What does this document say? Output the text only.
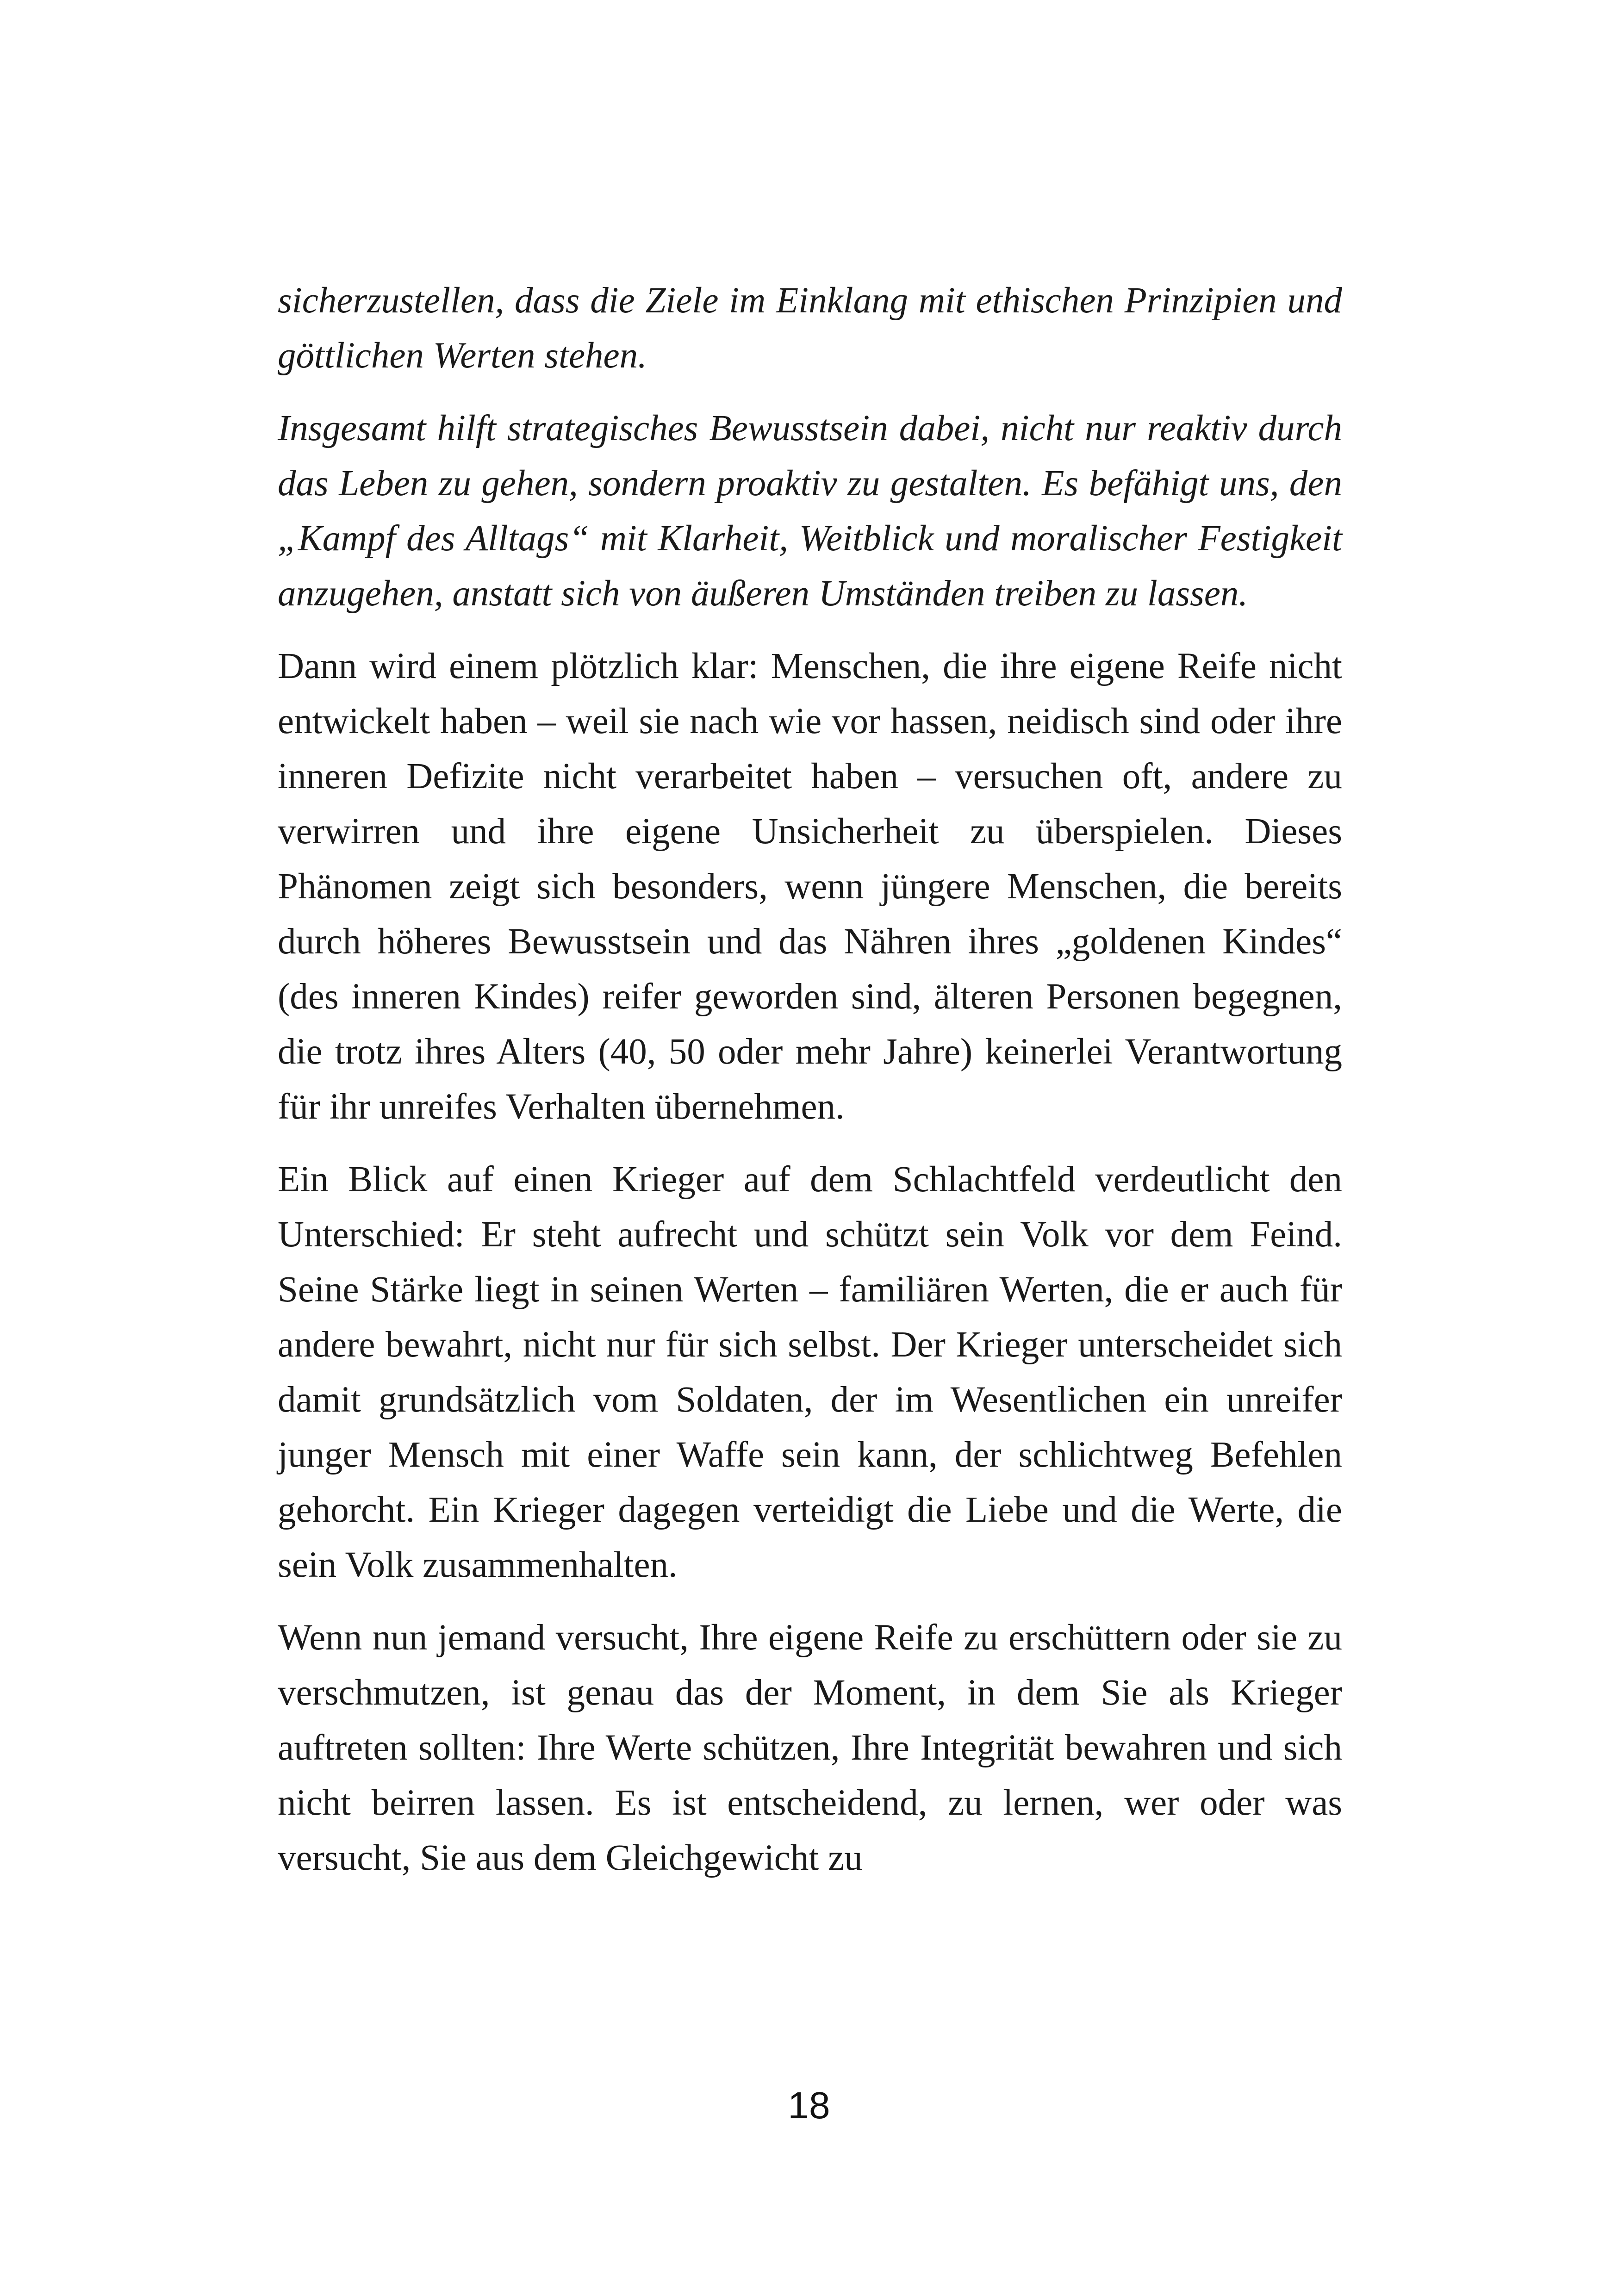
sicherzustellen, dass die Ziele im Einklang mit ethischen Prinzipien und göttlichen Werten stehen.

Insgesamt hilft strategisches Bewusstsein dabei, nicht nur reaktiv durch das Leben zu gehen, sondern proaktiv zu gestalten. Es befähigt uns, den „Kampf des Alltags“ mit Klarheit, Weitblick und moralischer Festigkeit anzugehen, anstatt sich von äußeren Umständen treiben zu lassen.

Dann wird einem plötzlich klar: Menschen, die ihre eigene Reife nicht entwickelt haben – weil sie nach wie vor hassen, neidisch sind oder ihre inneren Defizite nicht verarbeitet haben – versuchen oft, andere zu verwirren und ihre eigene Unsicherheit zu überspielen. Dieses Phänomen zeigt sich besonders, wenn jüngere Menschen, die bereits durch höheres Bewusstsein und das Nähren ihres „goldenen Kindes“ (des inneren Kindes) reifer geworden sind, älteren Personen begegnen, die trotz ihres Alters (40, 50 oder mehr Jahre) keinerlei Verantwortung für ihr unreifes Verhalten übernehmen.

Ein Blick auf einen Krieger auf dem Schlachtfeld verdeutlicht den Unterschied: Er steht aufrecht und schützt sein Volk vor dem Feind. Seine Stärke liegt in seinen Werten – familiären Werten, die er auch für andere bewahrt, nicht nur für sich selbst. Der Krieger unterscheidet sich damit grundsätzlich vom Soldaten, der im Wesentlichen ein unreifer junger Mensch mit einer Waffe sein kann, der schlichtweg Befehlen gehorcht. Ein Krieger dagegen verteidigt die Liebe und die Werte, die sein Volk zusammenhalten.

Wenn nun jemand versucht, Ihre eigene Reife zu erschüttern oder sie zu verschmutzen, ist genau das der Moment, in dem Sie als Krieger auftreten sollten: Ihre Werte schützen, Ihre Integrität bewahren und sich nicht beirren lassen. Es ist entscheidend, zu lernen, wer oder was versucht, Sie aus dem Gleichgewicht zu

18
